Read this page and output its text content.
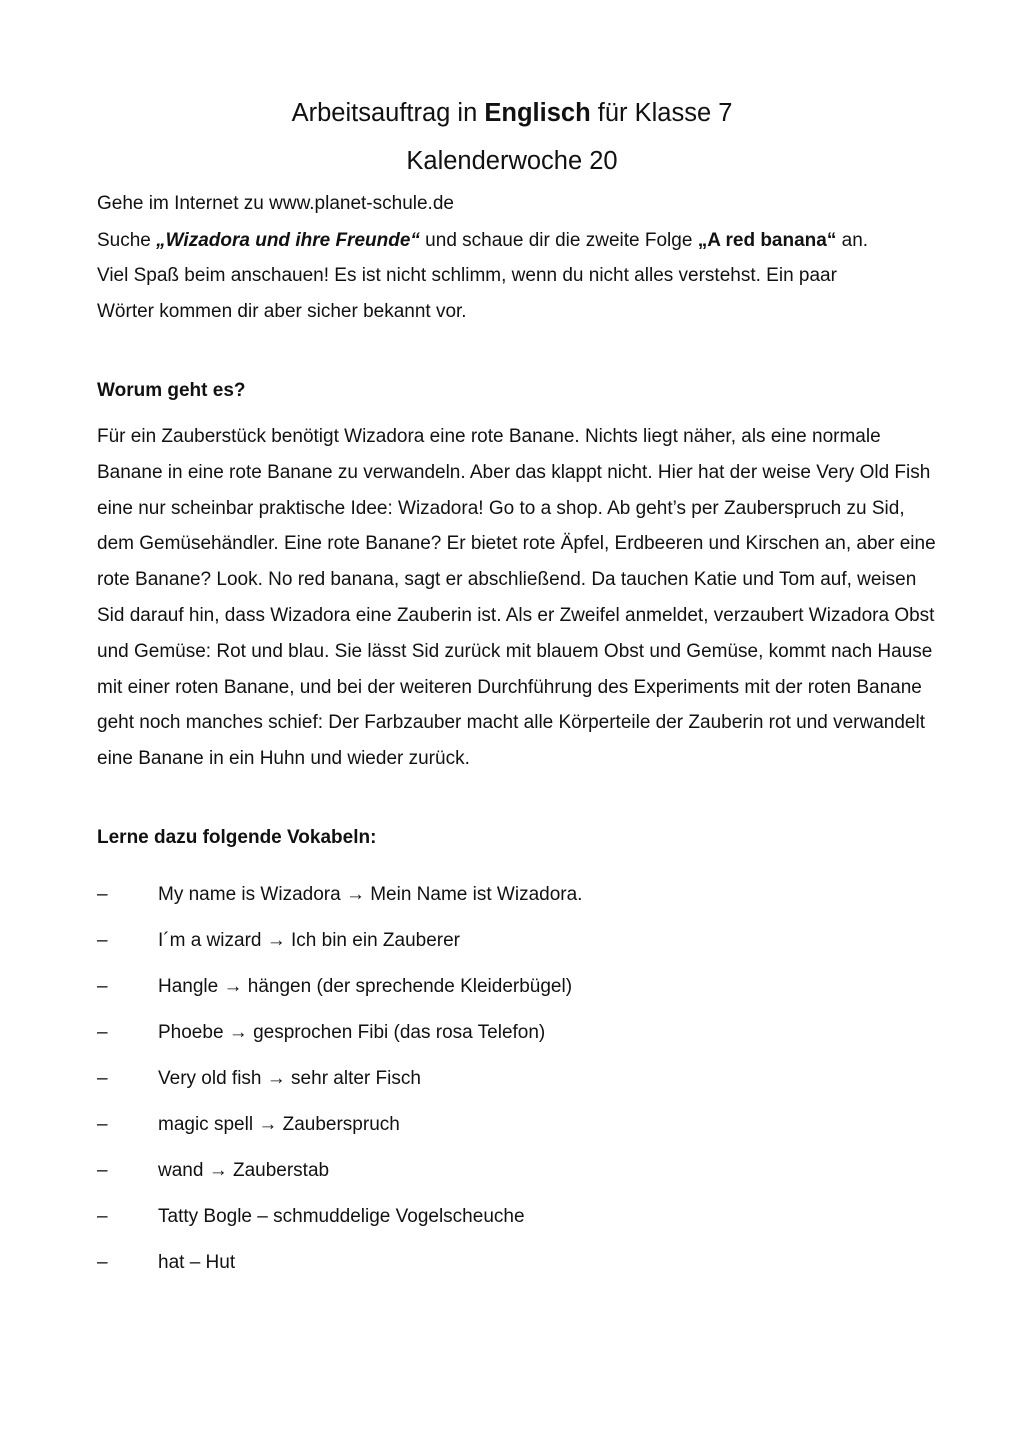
Arbeitsauftrag in Englisch für Klasse 7
Kalenderwoche 20

Gehe im Internet zu www.planet-schule.de

Suche „Wizadora und ihre Freunde“ und schaue dir die zweite Folge „A red banana“ an.

Viel Spaß beim anschauen! Es ist nicht schlimm, wenn du nicht alles verstehst. Ein paar

Wörter kommen dir aber sicher bekannt vor.

Worum geht es?

Für ein Zauberstück benötigt Wizadora eine rote Banane. Nichts liegt näher, als eine normale Banane in eine rote Banane zu verwandeln. Aber das klappt nicht. Hier hat der weise Very Old Fish eine nur scheinbar praktische Idee: Wizadora! Go to a shop. Ab geht’s per Zauberspruch zu Sid, dem Gemüsehändler. Eine rote Banane? Er bietet rote Äpfel, Erdbeeren und Kirschen an, aber eine rote Banane? Look. No red banana, sagt er abschließend. Da tauchen Katie und Tom auf, weisen Sid darauf hin, dass Wizadora eine Zauberin ist. Als er Zweifel anmeldet, verzaubert Wizadora Obst und Gemüse: Rot und blau. Sie lässt Sid zurück mit blauem Obst und Gemüse, kommt nach Hause mit einer roten Banane, und bei der weiteren Durchführung des Experiments mit der roten Banane geht noch manches schief: Der Farbzauber macht alle Körperteile der Zauberin rot und verwandelt eine Banane in ein Huhn und wieder zurück.

Lerne dazu folgende Vokabeln:

–	My name is Wizadora → Mein Name ist Wizadora.
–	I´m a wizard → Ich bin ein Zauberer
–	Hangle → hängen (der sprechende Kleiderbügel)
–	Phoebe → gesprochen Fibi (das rosa Telefon)
–	Very old fish → sehr alter Fisch
–	magic spell → Zauberspruch
–	wand → Zauberstab
–	Tatty Bogle – schmuddelige Vogelscheuche
–	hat – Hut
